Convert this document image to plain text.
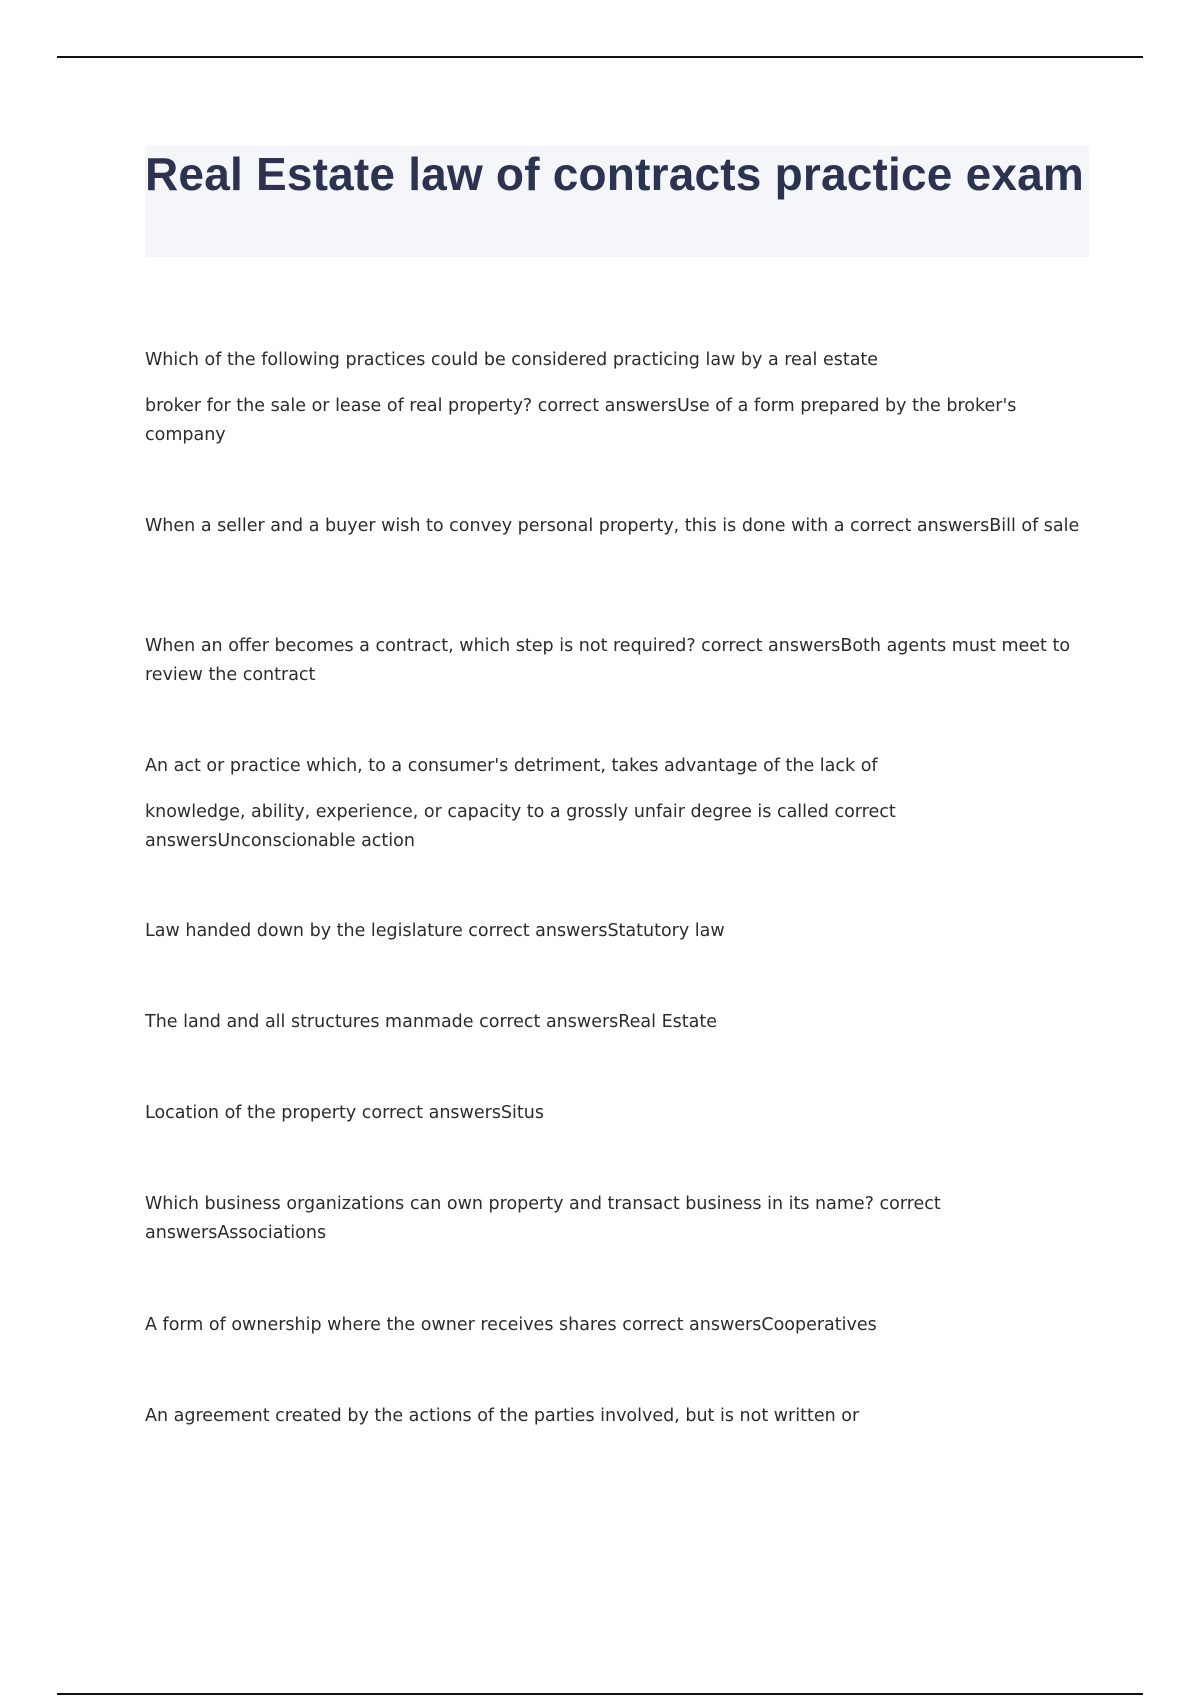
Real Estate law of contracts practice exam

Which of the following practices could be considered practicing law by a real estate

broker for the sale or lease of real property? correct answersUse of a form prepared by the broker's company

When a seller and a buyer wish to convey personal property, this is done with a correct answersBill of sale

When an offer becomes a contract, which step is not required? correct answersBoth agents must meet to review the contract

An act or practice which, to a consumer's detriment, takes advantage of the lack of

knowledge, ability, experience, or capacity to a grossly unfair degree is called correct answersUnconscionable action

Law handed down by the legislature correct answersStatutory law

The land and all structures manmade correct answersReal Estate

Location of the property correct answersSitus

Which business organizations can own property and transact business in its name? correct answersAssociations

A form of ownership where the owner receives shares correct answersCooperatives

An agreement created by the actions of the parties involved, but is not written or
